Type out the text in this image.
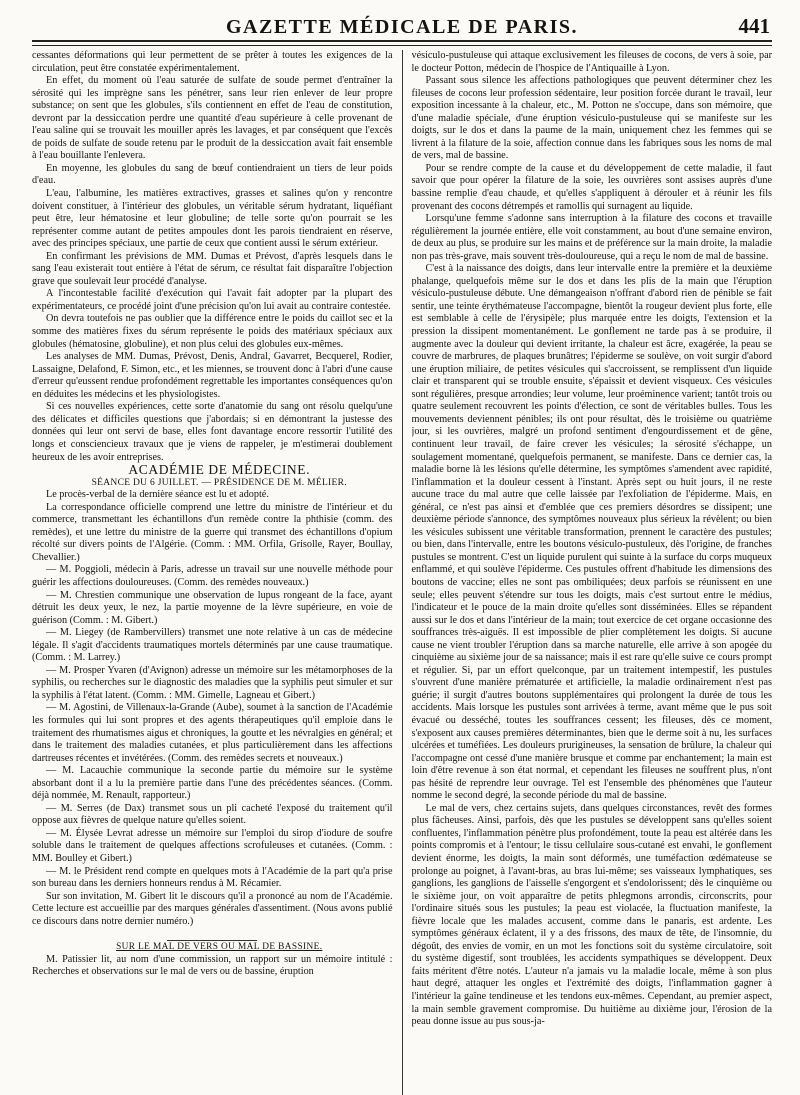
GAZETTE MÉDICALE DE PARIS.	441

cessantes déformations qui leur permettent de se prêter à toutes les exigences de la circulation, peut être constatée expérimentalement.

En effet, du moment où l'eau saturée de sulfate de soude permet d'entraîner la sérosité qui les imprègne sans les pénétrer, sans leur rien enlever de leur propre substance; on sent que les globules, s'ils contiennent en effet de l'eau de constitution, devront par la dessiccation perdre une quantité d'eau supérieure à celle provenant de l'eau saline qui se trouvait les mouiller après les lavages, et par conséquent que l'excès de poids de sulfate de soude retenu par le produit de la dessiccation avait fait ensemble à l'eau bouillante l'enlevera.

En moyenne, les globules du sang de bœuf contiendraient un tiers de leur poids d'eau.

L'eau, l'albumine, les matières extractives, grasses et salines qu'on y rencontre doivent constituer, à l'intérieur des globules, un véritable sérum hydratant, liquéfiant peut être, leur hématosine et leur globuline; de telle sorte qu'on pourrait se les représenter comme autant de petites ampoules dont les parois tiendraient en réserve, avec des principes spéciaux, une partie de ceux que contient aussi le sérum extérieur.

En confirmant les prévisions de MM. Dumas et Prévost, d'après lesquels dans le sang l'eau existerait tout entière à l'état de sérum, ce résultat fait disparaître l'objection grave que soulevait leur procédé d'analyse.

A l'incontestable facilité d'exécution qui l'avait fait adopter par la plupart des expérimentateurs, ce procédé joint d'une précision qu'on lui avait au contraire contestée.

On devra toutefois ne pas oublier que la différence entre le poids du caillot sec et la somme des matières fixes du sérum représente le poids des matériaux spéciaux aux globules (hématosine, globuline), et non plus celui des globules eux-mêmes.

Les analyses de MM. Dumas, Prévost, Denis, Andral, Gavarret, Becquerel, Rodier, Lassaigne, Delafond, F. Simon, etc., et les miennes, se trouvent donc à l'abri d'une cause d'erreur qu'eussent rendue profondément regrettable les importantes conséquences qu'on en déduites les médecins et les physiologistes.

Si ces nouvelles expériences, cette sorte d'anatomie du sang ont résolu quelqu'une des délicates et difficiles questions que j'abordais; si en démontrant la justesse des données qui leur ont servi de base, elles font davantage encore ressortir l'utilité des longs et consciencieux travaux que je viens de rappeler, je m'estimerai doublement heureux de les avoir entreprises.

ACADÉMIE DE MÉDECINE.

SÉANCE DU 6 JUILLET. — PRÉSIDENCE DE M. MÉLIER.

Le procès-verbal de la dernière séance est lu et adopté.

La correspondance officielle comprend une lettre du ministre de l'intérieur et du commerce, transmettant les échantillons d'un remède contre la phthisie (comm. des remèdes), et une lettre du ministre de la guerre qui transmet des échantillons d'opium récolté sur divers points de l'Algérie. (Comm. : MM. Orfila, Grisolle, Rayer, Boullay, Chevallier.)

— M. Poggioli, médecin à Paris, adresse un travail sur une nouvelle méthode pour guérir les affections douloureuses. (Comm. des remèdes nouveaux.)

— M. Chrestien communique une observation de lupus rongeant de la face, ayant détruit les deux yeux, le nez, la partie moyenne de la lèvre supérieure, en voie de guérison (Comm. : M. Gibert.)

— M. Liegey (de Rambervillers) transmet une note relative à un cas de médecine légale. Il s'agit d'accidents traumatiques mortels déterminés par une cause traumatique. (Comm. : M. Larrey.)

— M. Prosper Yvaren (d'Avignon) adresse un mémoire sur les métamorphoses de la syphilis, ou recherches sur le diagnostic des maladies que la syphilis peut simuler et sur la syphilis à l'état latent. (Comm. : MM. Gimelle, Lagneau et Gibert.)

— M. Agostini, de Villenaux-la-Grande (Aube), soumet à la sanction de l'Académie les formules qui lui sont propres et des agents thérapeutiques qu'il emploie dans le traitement des rhumatismes aigus et chroniques, la goutte et les névralgies en général; et dans le traitement des maladies cutanées, et plus particulièrement dans les affections dartreuses récentes et invétérées. (Comm. des remèdes secrets et nouveaux.)

— M. Lacauchie communique la seconde partie du mémoire sur le système absorbant dont il a lu la première partie dans l'une des précédentes séances. (Comm. déjà nommée, M. Renault, rapporteur.)

— M. Serres (de Dax) transmet sous un pli cacheté l'exposé du traitement qu'il oppose aux fièvres de quelque nature qu'elles soient.

— M. Élysée Levrat adresse un mémoire sur l'emploi du sirop d'iodure de soufre soluble dans le traitement de quelques affections scrofuleuses et cutanées. (Comm. : MM. Boulley et Gibert.)

— M. le Président rend compte en quelques mots à l'Académie de la part qu'a prise son bureau dans les derniers honneurs rendus à M. Récamier.

Sur son invitation, M. Gibert lit le discours qu'il a prononcé au nom de l'Académie. Cette lecture est accueillie par des marques générales d'assentiment. (Nous avons publié ce discours dans notre dernier numéro.)

SUR LE MAL DE VERS OU MAL DE BASSINE.

M. Patissier lit, au nom d'une commission, un rapport sur un mémoire intitulé : Recherches et observations sur le mal de vers ou de bassine, éruption

vésiculo-pustuleuse qui attaque exclusivement les fileuses de cocons, de vers à soie, par le docteur Potton, médecin de l'hospice de l'Antiquaille à Lyon.

Passant sous silence les affections pathologiques que peuvent déterminer chez les fileuses de cocons leur profession sédentaire, leur position forcée durant le travail, leur exposition incessante à la chaleur, etc., M. Potton ne s'occupe, dans son mémoire, que d'une maladie spéciale, d'une éruption vésiculo-pustuleuse qui se manifeste sur les doigts, sur le dos et dans la paume de la main, uniquement chez les femmes qui se livrent à la filature de la soie, affection connue dans les fabriques sous les noms de mal de vers, mal de bassine.

Pour se rendre compte de la cause et du développement de cette maladie, il faut savoir que pour opérer la filature de la soie, les ouvrières sont assises auprès d'une bassine remplie d'eau chaude, et qu'elles s'appliquent à dérouler et à réunir les fils provenant des cocons détrempés et ramollis qui surnagent au liquide.

Lorsqu'une femme s'adonne sans interruption à la filature des cocons et travaille régulièrement la journée entière, elle voit constamment, au bout d'une semaine environ, de deux au plus, se produire sur les mains et de préférence sur la main droite, la maladie non pas très-grave, mais souvent très-douloureuse, qui a reçu le nom de mal de bassine.

C'est à la naissance des doigts, dans leur intervalle entre la première et la deuxième phalange, quelquefois même sur le dos et dans les plis de la main que l'éruption vésiculo-pustuleuse débute. Une démangeaison n'offrant d'abord rien de pénible se fait sentir, une teinte érythémateuse l'accompagne, bientôt la rougeur devient plus forte, elle est semblable à celle de l'érysipèle; plus marquée entre les doigts, l'extension et la pression la dissipent momentanément. Le gonflement ne tarde pas à se produire, il augmente avec la douleur qui devient irritante, la chaleur est âcre, exagérée, la peau se couvre de marbrures, de plaques brunâtres; l'épiderme se soulève, on voit surgir d'abord une éruption miliaire, de petites vésicules qui s'accroissent, se remplissent d'un liquide clair et transparent qui se trouble ensuite, s'épaissit et devient visqueux. Ces vésicules sont régulières, presque arrondies; leur volume, leur proéminence varient; tantôt trois ou quatre seulement recouvrent les points d'élection, ce sont de véritables bulles. Tous les mouvements deviennent pénibles; ils ont pour résultat, dès le troisième ou quatrième jour, si les ouvrières, malgré un profond sentiment d'engourdissement et de gêne, continuent leur travail, de faire crever les vésicules; la sérosité s'échappe, un soulagement momentané, quelquefois permanent, se manifeste. Dans ce dernier cas, la maladie borne là les lésions qu'elle détermine, les symptômes s'amendent avec rapidité, l'inflammation et la douleur cessent à l'instant. Après sept ou huit jours, il ne reste aucune trace du mal autre que celle laissée par l'exfoliation de l'épiderme. Mais, en général, ce n'est pas ainsi et d'emblée que ces premiers désordres se dissipent; une deuxième période s'annonce, des symptômes nouveaux plus sérieux la révèlent; ou bien les vésicules subissent une véritable transformation, prennent le caractère des pustules; ou bien, dans l'intervalle, entre les boutons vésiculo-pustuleux, dès l'origine, de franches pustules se montrent. C'est un liquide purulent qui suinte à la surface du corps muqueux enflammé, et qui soulève l'épiderme. Ces pustules offrent d'habitude les dimensions des boutons de vaccine; elles ne sont pas ombiliquées; deux parfois se réunissent en une seule; elles peuvent s'étendre sur tous les doigts, mais c'est surtout entre le médius, l'indicateur et le pouce de la main droite qu'elles sont disséminées. Elles se répandent aussi sur le dos et dans l'intérieur de la main; tout exercice de cet organe occasionne des souffrances très-aiguës. Il est impossible de plier complètement les doigts. Si aucune cause ne vient troubler l'éruption dans sa marche naturelle, elle arrive à son apogée du cinquième au sixième jour de sa naissance; mais il est rare qu'elle suive ce cours prompt et régulier. Si, par un effort quelconque, par un traitement intempestif, les pustules s'ouvrent d'une manière prématurée et artificielle, la maladie ordinairement n'est pas guérie; il surgit d'autres boutons supplémentaires qui prolongent la durée de tous les accidents. Mais lorsque les pustules sont arrivées à terme, avant même que le pus soit évacué ou desséché, toutes les souffrances cessent; les fileuses, dès ce moment, s'exposent aux causes premières déterminantes, bien que le derme soit à nu, les surfaces ulcérées et tuméfiées. Les douleurs prurigineuses, la sensation de brûlure, la chaleur qui l'accompagne ont cessé d'une manière brusque et comme par enchantement; la main est loin d'être revenue à son état normal, et cependant les fileuses ne souffrent plus, n'ont pas hésité de reprendre leur ouvrage. Tel est l'ensemble des phénomènes que l'auteur nomme le second degré, la seconde période du mal de bassine.

Le mal de vers, chez certains sujets, dans quelques circonstances, revêt des formes plus fâcheuses. Ainsi, parfois, dès que les pustules se développent sans qu'elles soient confluentes, l'inflammation pénètre plus profondément, toute la peau est altérée dans les points compromis et à l'entour; le tissu cellulaire sous-cutané est envahi, le gonflement devient énorme, les doigts, la main sont déformés, une tuméfaction œdémateuse se prolonge au poignet, à l'avant-bras, au bras lui-même; ses vaisseaux lymphatiques, ses ganglions, les ganglions de l'aisselle s'engorgent et s'endolorissent; dès le cinquième ou le sixième jour, on voit apparaître de petits phlegmons arrondis, circonscrits, pour l'ordinaire situés sous les pustules; la peau est violacée, la fluctuation manifeste, la fièvre locale que les malades accusent, comme dans le panaris, est ardente. Les symptômes généraux éclatent, il y a des frissons, des maux de tête, de l'insomnie, du dégoût, des envies de vomir, en un mot les fonctions soit du système circulatoire, soit du système digestif, sont troublées, les accidents sympathiques se développent. Deux faits méritent d'être notés. L'auteur n'a jamais vu la maladie locale, même à son plus haut degré, attaquer les ongles et l'extrémité des doigts, l'inflammation gagner à l'intérieur la gaîne tendineuse et les tendons eux-mêmes. Cependant, au premier aspect, la main semble gravement compromise. Du huitième au dixième jour, l'érosion de la peau donne issue au pus sous-ja-
